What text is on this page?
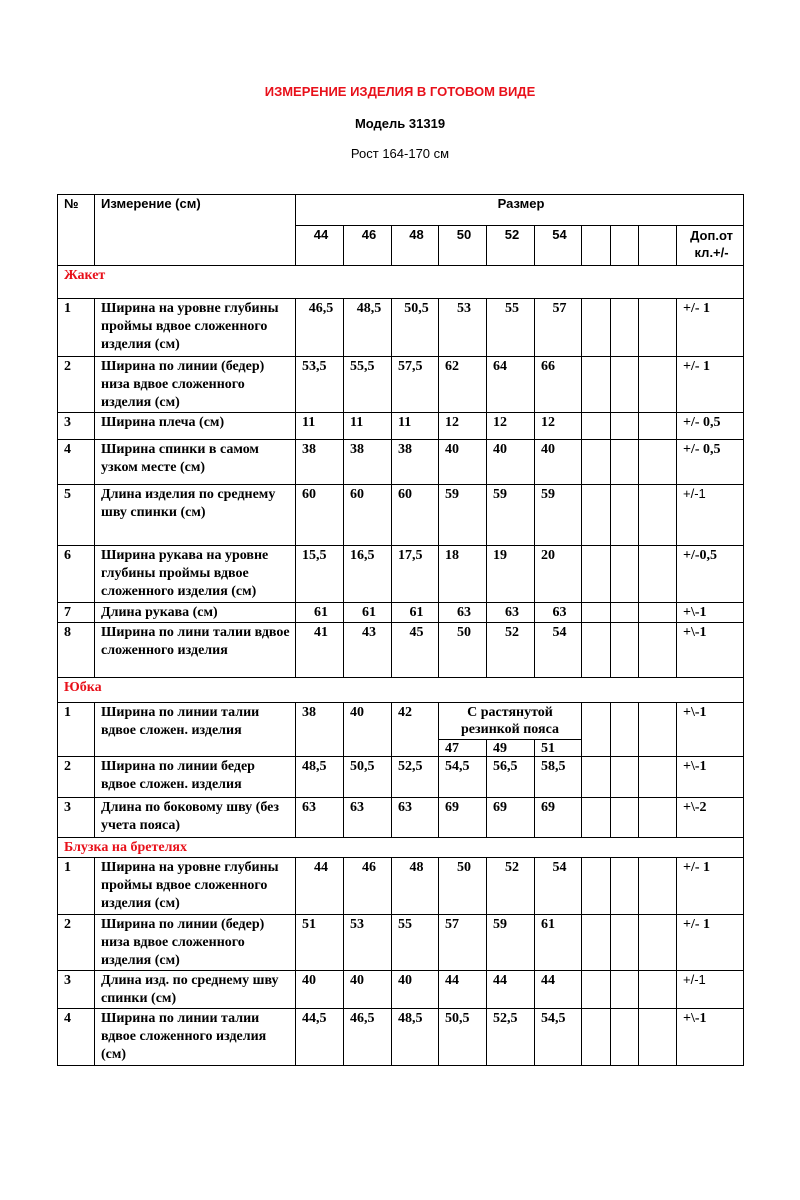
ИЗМЕРЕНИЕ ИЗДЕЛИЯ В ГОТОВОМ ВИДЕ
Модель 31319
Рост 164-170 см
№	Измерение (см)	Размер									
		44	46	48	50	52	54				Доп.от кл.+/-
Жакет											
1	Ширина на уровне глубины проймы вдвое сложенного изделия (см)	46,5	48,5	50,5	53	55	57				+/- 1
2	Ширина по линии (бедер) низа вдвое сложенного изделия (см)	53,5	55,5	57,5	62	64	66				+/- 1
3	Ширина плеча (см)	11	11	11	12	12	12				+/- 0,5
4	Ширина спинки в самом узком месте (см)	38	38	38	40	40	40				+/- 0,5
5	Длина изделия по среднему шву спинки (см)	60	60	60	59	59	59				+/-1
6	Ширина рукава на уровне глубины проймы вдвое сложенного изделия (см)	15,5	16,5	17,5	18	19	20				+/-0,5
7	Длина рукава (см)	61	61	61	63	63	63				+\-1
8	Ширина по лини талии вдвое сложенного изделия	41	43	45	50	52	54				+\-1
Юбка											
1	Ширина по линии талии вдвое сложен. изделия	38	40	42	С растянутой резинкой пояса						+\-1
					47	49	51				
2	Ширина по линии бедер вдвое сложен. изделия	48,5	50,5	52,5	54,5	56,5	58,5				+\-1
3	Длина по боковому шву (без учета пояса)	63	63	63	69	69	69				+\-2
Блузка на бретелях											
1	Ширина на уровне глубины проймы вдвое сложенного изделия (см)	44	46	48	50	52	54				+/- 1
2	Ширина по линии (бедер) низа вдвое сложенного изделия (см)	51	53	55	57	59	61				+/- 1
3	Длина изд. по среднему шву спинки (см)	40	40	40	44	44	44				+/-1
4	Ширина по линии талии вдвое сложенного изделия (см)	44,5	46,5	48,5	50,5	52,5	54,5				+\-1
